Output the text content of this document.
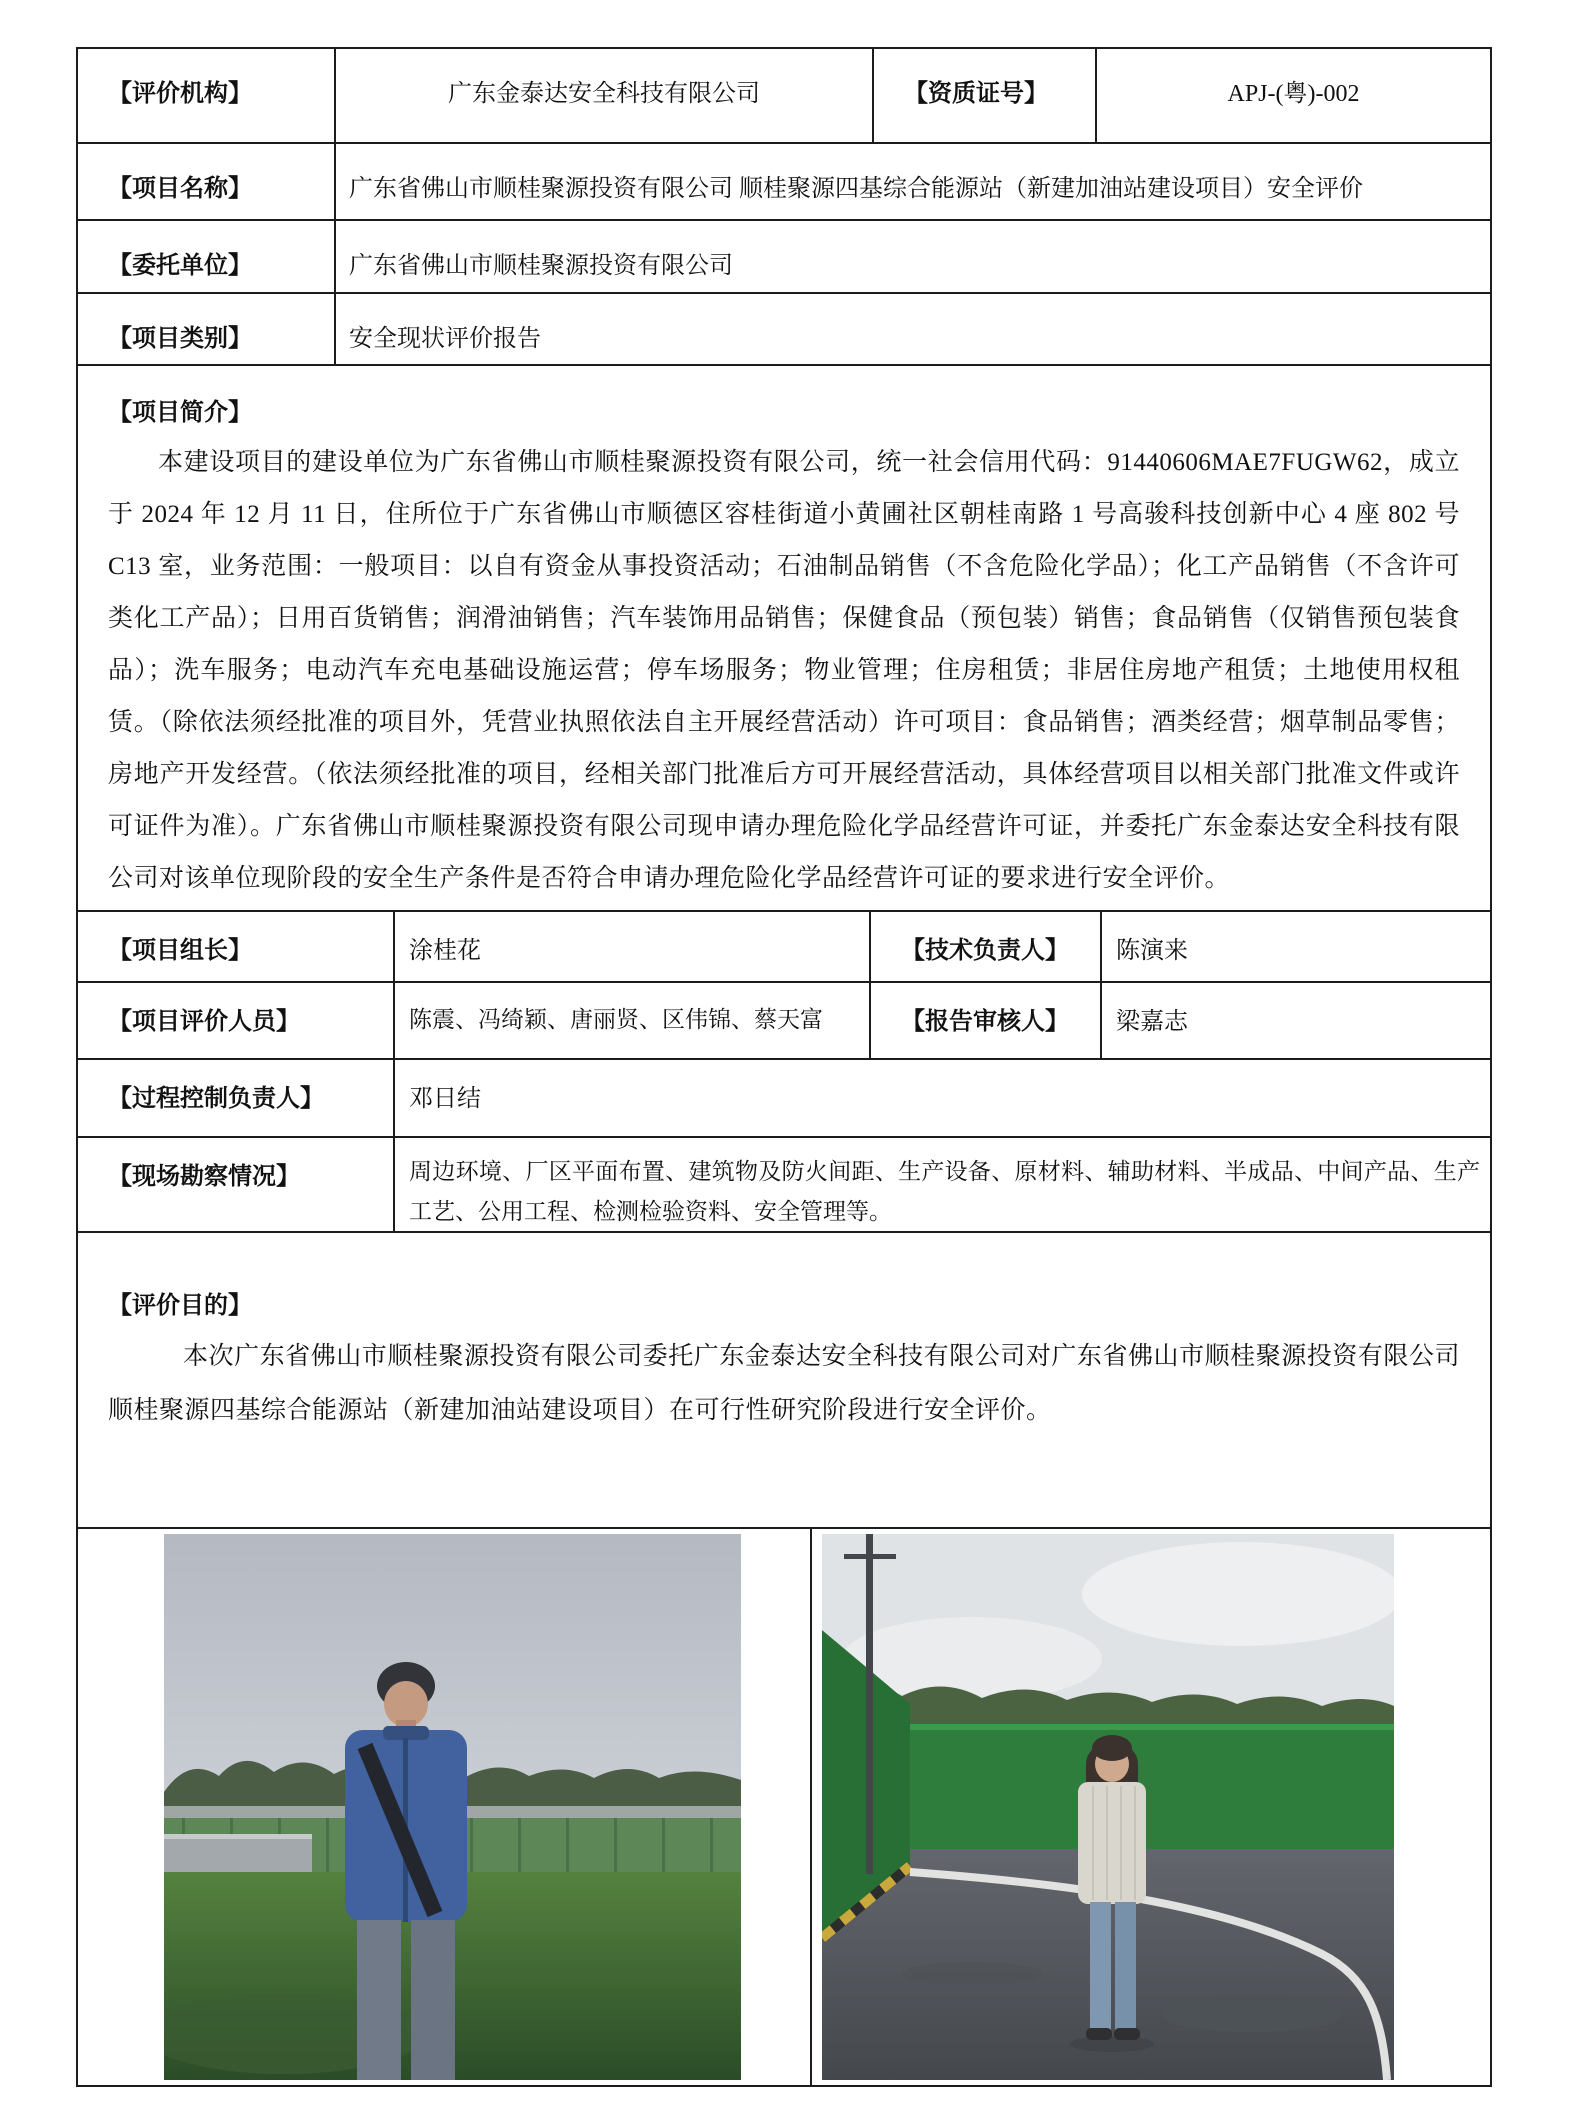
【评价机构】	广东金泰达安全科技有限公司	【资质证号】	APJ-(粤)-002
【项目名称】	广东省佛山市顺桂聚源投资有限公司 顺桂聚源四基综合能源站（新建加油站建设项目）安全评价
【委托单位】	广东省佛山市顺桂聚源投资有限公司
【项目类别】	安全现状评价报告
【项目简介】

本建设项目的建设单位为广东省佛山市顺桂聚源投资有限公司，统一社会信用代码：91440606MAE7FUGW62，成立于 2024 年 12 月 11 日，住所位于广东省佛山市顺德区容桂街道小黄圃社区朝桂南路 1 号高骏科技创新中心 4 座 802 号 C13 室，业务范围：一般项目：以自有资金从事投资活动；石油制品销售（不含危险化学品）；化工产品销售（不含许可类化工产品）；日用百货销售；润滑油销售；汽车装饰用品销售；保健食品（预包装）销售；食品销售（仅销售预包装食品）；洗车服务；电动汽车充电基础设施运营；停车场服务；物业管理；住房租赁；非居住房地产租赁；土地使用权租赁。（除依法须经批准的项目外，凭营业执照依法自主开展经营活动）许可项目：食品销售；酒类经营；烟草制品零售；房地产开发经营。（依法须经批准的项目，经相关部门批准后方可开展经营活动，具体经营项目以相关部门批准文件或许可证件为准）。广东省佛山市顺桂聚源投资有限公司现申请办理危险化学品经营许可证，并委托广东金泰达安全科技有限公司对该单位现阶段的安全生产条件是否符合申请办理危险化学品经营许可证的要求进行安全评价。

【项目组长】	涂桂花	【技术负责人】	陈演来
【项目评价人员】	陈震、冯绮颖、唐丽贤、区伟锦、蔡天富	【报告审核人】	梁嘉志
【过程控制负责人】	邓日结
【现场勘察情况】	周边环境、厂区平面布置、建筑物及防火间距、生产设备、原材料、辅助材料、半成品、中间产品、生产工艺、公用工程、检测检验资料、安全管理等。
【评价目的】

本次广东省佛山市顺桂聚源投资有限公司委托广东金泰达安全科技有限公司对广东省佛山市顺桂聚源投资有限公司顺桂聚源四基综合能源站（新建加油站建设项目）在可行性研究阶段进行安全评价。
